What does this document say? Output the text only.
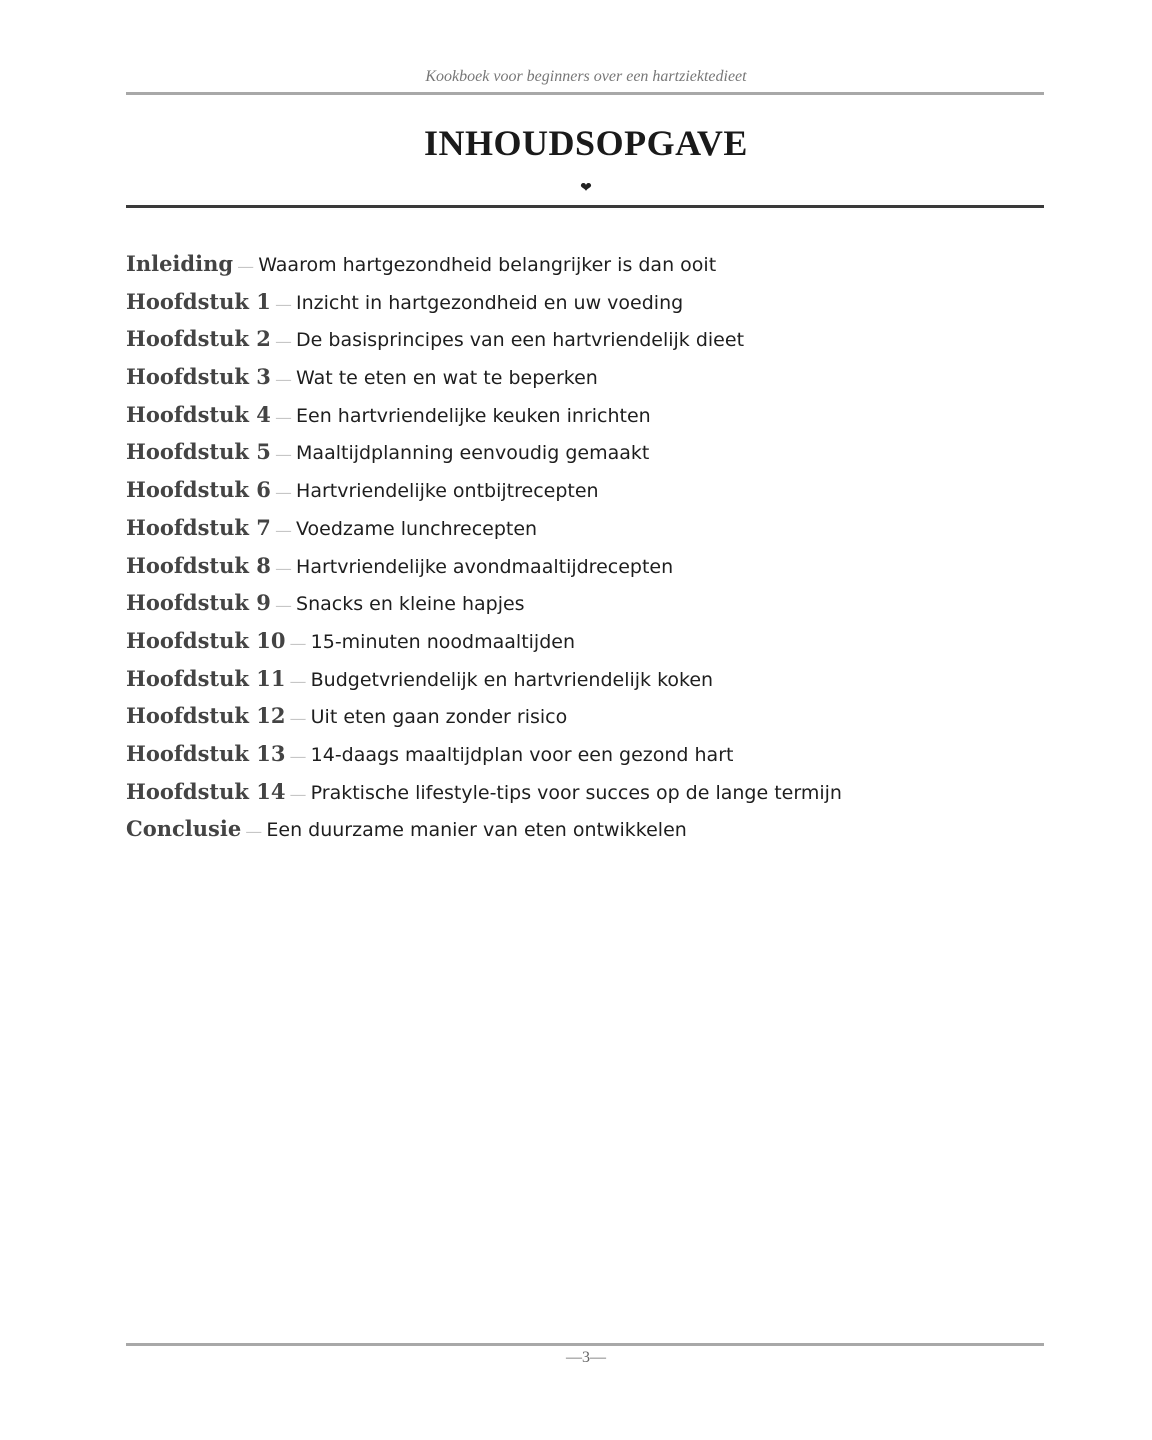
Kookboek voor beginners over een hartziektedieet
INHOUDSOPGAVE
❤
Inleiding — Waarom hartgezondheid belangrijker is dan ooit
Hoofdstuk 1 — Inzicht in hartgezondheid en uw voeding
Hoofdstuk 2 — De basisprincipes van een hartvriendelijk dieet
Hoofdstuk 3 — Wat te eten en wat te beperken
Hoofdstuk 4 — Een hartvriendelijke keuken inrichten
Hoofdstuk 5 — Maaltijdplanning eenvoudig gemaakt
Hoofdstuk 6 — Hartvriendelijke ontbijtrecepten
Hoofdstuk 7 — Voedzame lunchrecepten
Hoofdstuk 8 — Hartvriendelijke avondmaaltijdrecepten
Hoofdstuk 9 — Snacks en kleine hapjes
Hoofdstuk 10 — 15-minuten noodmaaltijden
Hoofdstuk 11 — Budgetvriendelijk en hartvriendelijk koken
Hoofdstuk 12 — Uit eten gaan zonder risico
Hoofdstuk 13 — 14-daags maaltijdplan voor een gezond hart
Hoofdstuk 14 — Praktische lifestyle-tips voor succes op de lange termijn
Conclusie — Een duurzame manier van eten ontwikkelen
—3—
